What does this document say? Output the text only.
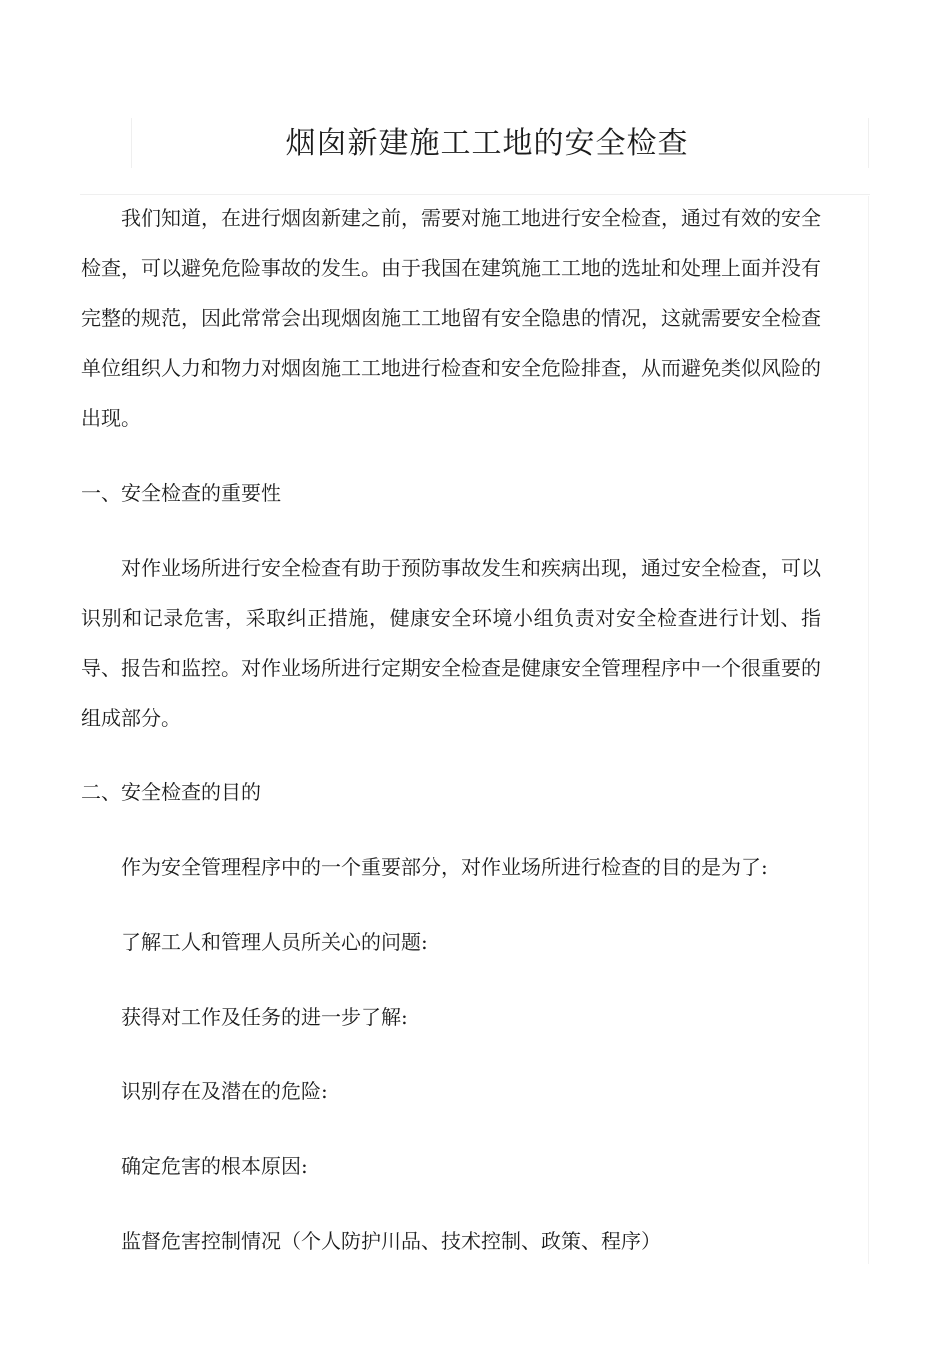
烟囱新建施工工地的安全检查

我们知道，在进行烟囱新建之前，需要对施工地进行安全检查，通过有效的安全检查，可以避免危险事故的发生。由于我国在建筑施工工地的选址和处理上面并没有完整的规范，因此常常会出现烟囱施工工地留有安全隐患的情况，这就需要安全检查单位组织人力和物力对烟囱施工工地进行检查和安全危险排查，从而避免类似风险的出现。

一、安全检查的重要性

对作业场所进行安全检查有助于预防事故发生和疾病出现，通过安全检查，可以识别和记录危害，采取纠正措施，健康安全环境小组负责对安全检查进行计划、指导、报告和监控。对作业场所进行定期安全检查是健康安全管理程序中一个很重要的组成部分。

二、安全检查的目的

作为安全管理程序中的一个重要部分，对作业场所进行检查的目的是为了:

了解工人和管理人员所关心的问题:

获得对工作及任务的进一步了解:

识别存在及潜在的危险:

确定危害的根本原因:

监督危害控制情况（个人防护川品、技术控制、政策、程序）
